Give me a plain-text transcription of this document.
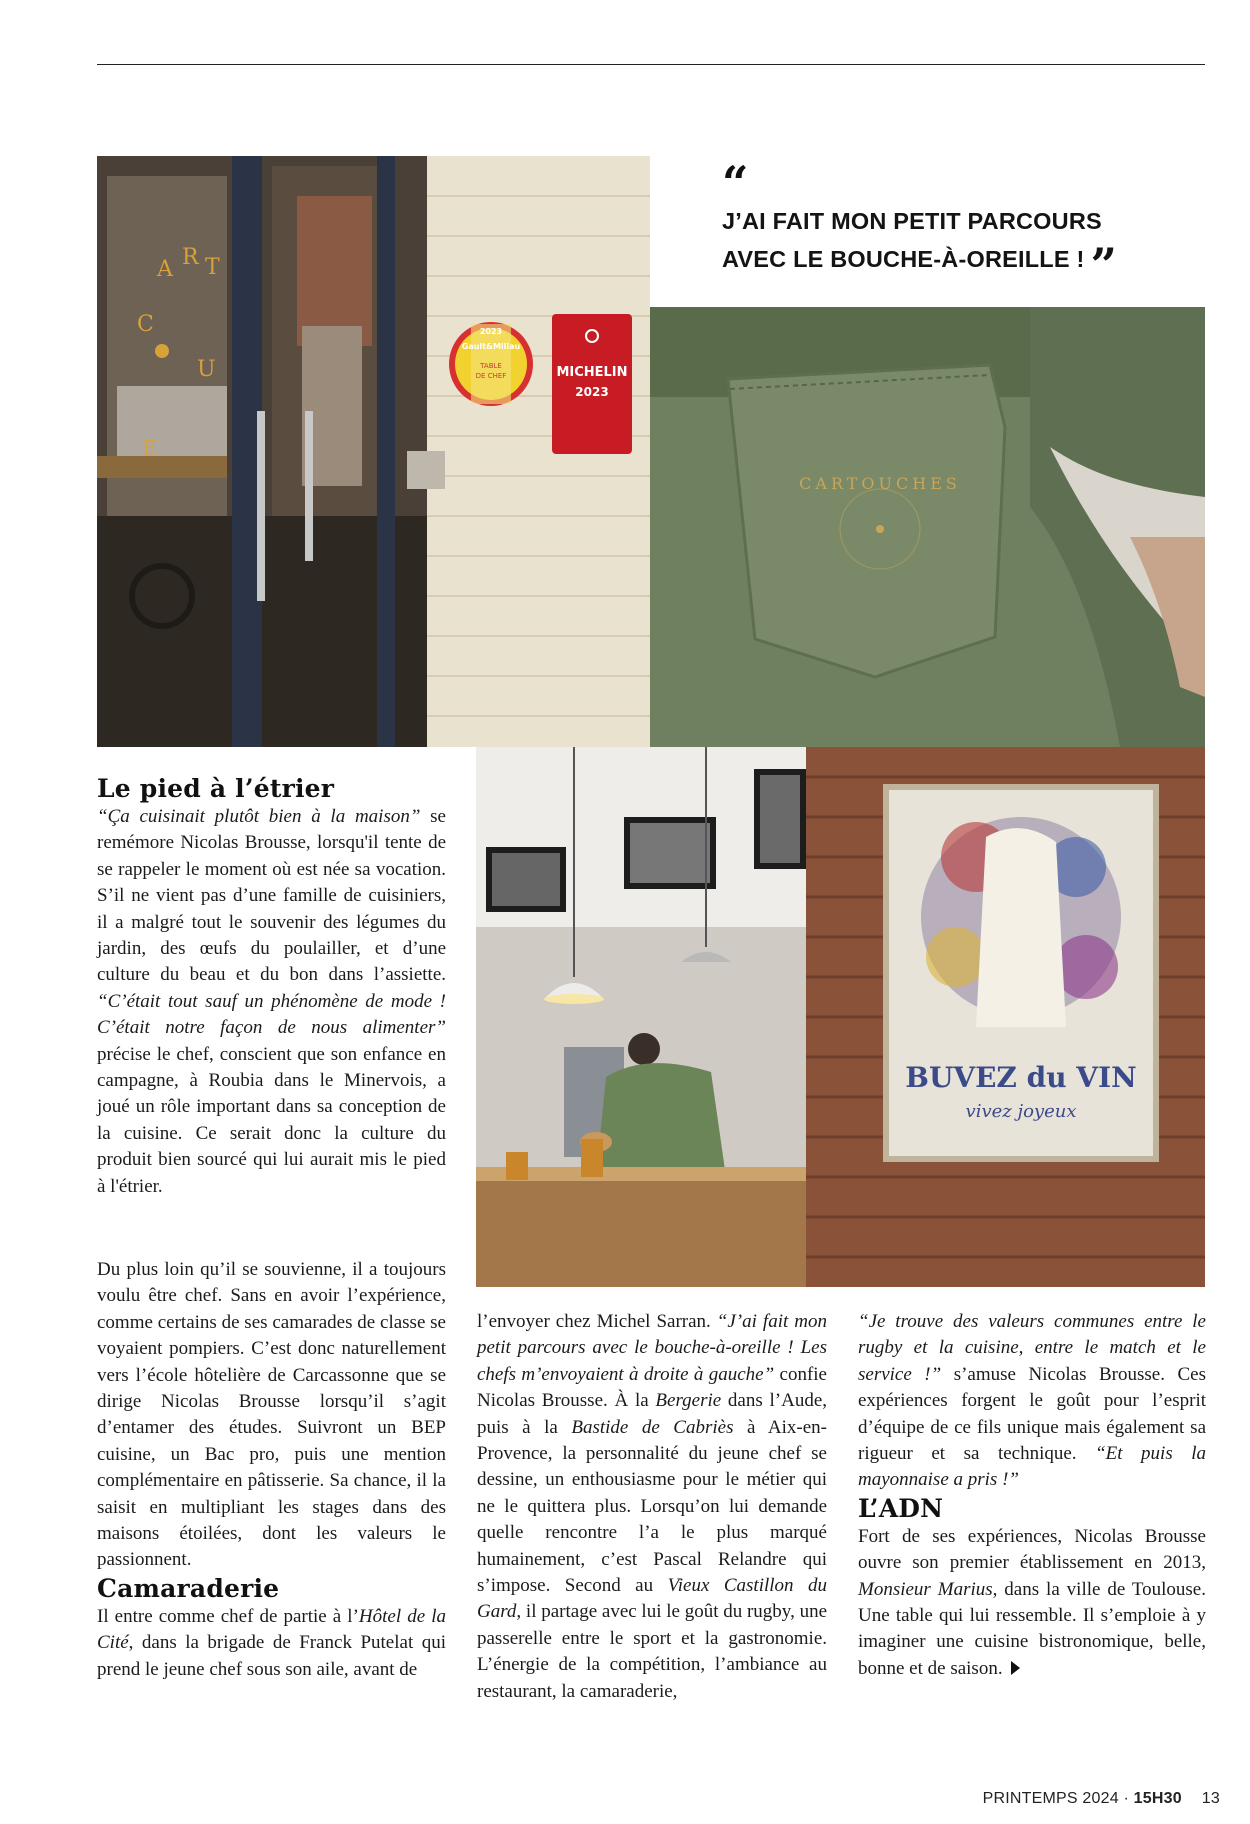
A R T
C
U
E
2023
Gault&Millau
TABLE
DE CHEF	MICHELIN
2023
“
J’AI FAIT MON PETIT PARCOURS
AVEC LE BOUCHE-À-OREILLE ! ”
CARTOUCHES
BUVEZ du VIN
vivez joyeux
Le pied à l’étrier

“Ça cuisinait plutôt bien à la maison” se remémore Nicolas Brousse, lorsqu'il tente de se rappeler le moment où est née sa vocation. S’il ne vient pas d’une famille de cuisiniers, il a malgré tout le souvenir des légumes du jardin, des œufs du poulailler, et d’une culture du beau et du bon dans l’assiette. “C’était tout sauf un phénomène de mode ! C’était notre façon de nous alimenter” précise le chef, conscient que son enfance en campagne, à Roubia dans le Minervois, a joué un rôle important dans sa conception de la cuisine. Ce serait donc la culture du produit bien sourcé qui lui aurait mis le pied à l'étrier.

Du plus loin qu’il se souvienne, il a toujours voulu être chef. Sans en avoir l’expérience, comme certains de ses camarades de classe se voyaient pompiers. C’est donc naturellement vers l’école hôtelière de Carcassonne que se dirige Nicolas Brousse lorsqu’il s’agit d’entamer des études. Suivront un BEP cuisine, un Bac pro, puis une mention complémentaire en pâtisserie. Sa chance, il la saisit en multipliant les stages dans des maisons étoilées, dont les valeurs le passionnent.

Camaraderie

Il entre comme chef de partie à l’Hôtel de la Cité, dans la brigade de Franck Putelat qui prend le jeune chef sous son aile, avant de

l’envoyer chez Michel Sarran. “J’ai fait mon petit parcours avec le bouche-à-oreille ! Les chefs m’envoyaient à droite à gauche” confie Nicolas Brousse. À la Bergerie dans l’Aude, puis à la Bastide de Cabriès à Aix-en-Provence, la personnalité du jeune chef se dessine, un enthousiasme pour le métier qui ne le quittera plus. Lorsqu’on lui demande quelle rencontre l’a le plus marqué humainement, c’est Pascal Relandre qui s’impose. Second au Vieux Castillon du Gard, il partage avec lui le goût du rugby, une passerelle entre le sport et la gastronomie. L’énergie de la compétition, l’ambiance au restaurant, la camaraderie,

“Je trouve des valeurs communes entre le rugby et la cuisine, entre le match et le service !” s’amuse Nicolas Brousse. Ces expériences forgent le goût pour l’esprit d’équipe de ce fils unique mais également sa rigueur et sa technique. “Et puis la mayonnaise a pris !”

L’ADN

Fort de ses expériences, Nicolas Brousse ouvre son premier établissement en 2013, Monsieur Marius, dans la ville de Toulouse. Une table qui lui ressemble. Il s’emploie à y imaginer une cuisine bistronomique, belle, bonne et de saison.

PRINTEMPS 2024 · 15H30 13
